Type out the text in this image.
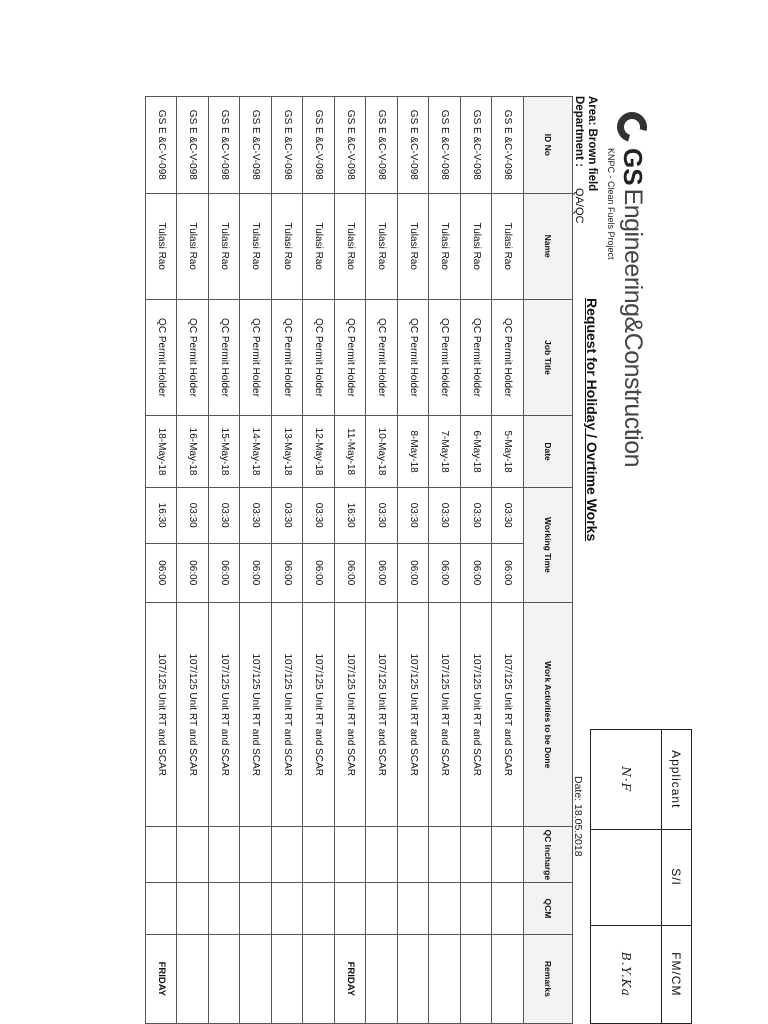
GS
Engineering&Construction
KNPC - Clean Fuels Project
Request for Holiday / Ovrtime Works
Area: Brown field
Department :
QA/QC
Date: 18.05.2018	Applicant	S/I	FM/CM
N·F		B.Y.Ka
ID No	Name	Job Title	Date	Working Time		Work Activities to be Done	QC Incharge	QCM	Remarks
GS E &C-V-098	Tulasi Rao	QC Permit Holder	5-May-18	03:30	06:00	107/125 Unit RT and SCAR			
GS E &C-V-098	Tulasi Rao	QC Permit Holder	6-May-18	03:30	06:00	107/125 Unit RT and SCAR			
GS E &C-V-098	Tulasi Rao	QC Permit Holder	7-May-18	03:30	06:00	107/125 Unit RT and SCAR			
GS E &C-V-098	Tulasi Rao	QC Permit Holder	8-May-18	03:30	06:00	107/125 Unit RT and SCAR			
GS E &C-V-098	Tulasi Rao	QC Permit Holder	10-May-18	03:30	06:00	107/125 Unit RT and SCAR			
GS E &C-V-098	Tulasi Rao	QC Permit Holder	11-May-18	16:30	06:00	107/125 Unit RT and SCAR			FRIDAY
GS E &C-V-098	Tulasi Rao	QC Permit Holder	12-May-18	03:30	06:00	107/125 Unit RT and SCAR			
GS E &C-V-098	Tulasi Rao	QC Permit Holder	13-May-18	03:30	06:00	107/125 Unit RT and SCAR			
GS E &C-V-098	Tulasi Rao	QC Permit Holder	14-May-18	03:30	06:00	107/125 Unit RT and SCAR			
GS E &C-V-098	Tulasi Rao	QC Permit Holder	15-May-18	03:30	06:00	107/125 Unit RT and SCAR			
GS E &C-V-098	Tulasi Rao	QC Permit Holder	16-May-18	03:30	06:00	107/125 Unit RT and SCAR			
GS E &C-V-098	Tulasi Rao	QC Permit Holder	18-May-18	16:30	06:00	107/125 Unit RT and SCAR			FRIDAY
